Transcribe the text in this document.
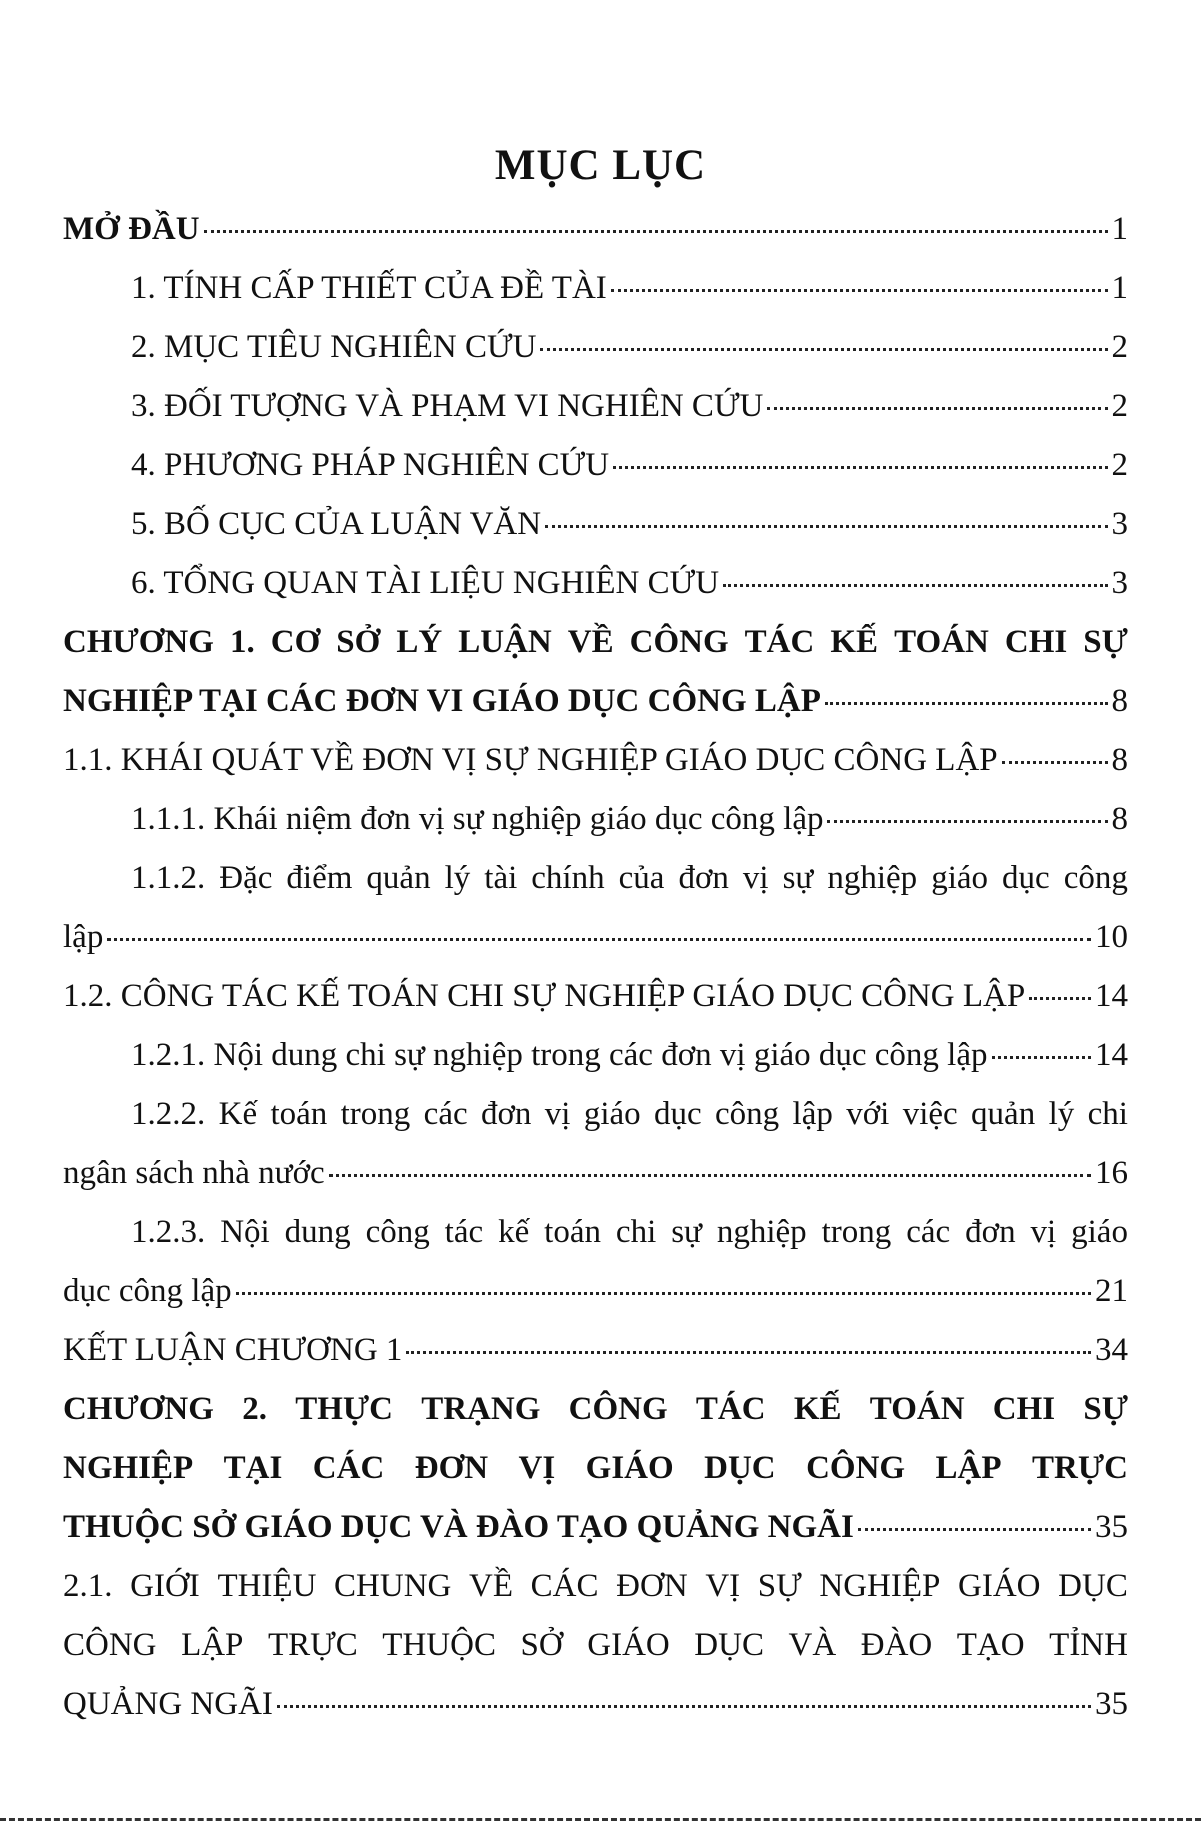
MỤC LỤC
MỞ ĐẦU	1
1. TÍNH CẤP THIẾT CỦA ĐỀ TÀI	1
2. MỤC TIÊU NGHIÊN CỨU	2
3. ĐỐI TƯỢNG VÀ PHẠM VI NGHIÊN CỨU	2
4. PHƯƠNG PHÁP NGHIÊN CỨU	2
5. BỐ CỤC CỦA LUẬN VĂN	3
6. TỔNG QUAN TÀI LIỆU NGHIÊN CỨU	3
CHƯƠNG 1. CƠ SỞ LÝ LUẬN VỀ CÔNG TÁC KẾ TOÁN CHI SỰ
NGHIỆP TẠI CÁC ĐƠN VI GIÁO DỤC CÔNG LẬP	8
1.1. KHÁI QUÁT VỀ ĐƠN VỊ SỰ NGHIỆP GIÁO DỤC CÔNG LẬP	8
1.1.1. Khái niệm đơn vị sự nghiệp giáo dục công lập	8
1.1.2. Đặc điểm quản lý tài chính của đơn vị sự nghiệp giáo dục công
lập	10
1.2. CÔNG TÁC KẾ TOÁN CHI SỰ NGHIỆP GIÁO DỤC CÔNG LẬP 14
1.2.1. Nội dung chi sự nghiệp trong các đơn vị giáo dục công lập	14
1.2.2. Kế toán trong các đơn vị giáo dục công lập với việc quản lý chi
ngân sách nhà nước	16
1.2.3. Nội dung công tác kế toán chi sự nghiệp trong các đơn vị giáo
dục công lập	21
KẾT LUẬN CHƯƠNG 1	34
CHƯƠNG 2. THỰC TRẠNG CÔNG TÁC KẾ TOÁN CHI SỰ
NGHIỆP TẠI CÁC ĐƠN VỊ GIÁO DỤC CÔNG LẬP TRỰC
THUỘC SỞ GIÁO DỤC VÀ ĐÀO TẠO QUẢNG NGÃI	35
2.1. GIỚI THIỆU CHUNG VỀ CÁC ĐƠN VỊ SỰ NGHIỆP GIÁO DỤC
CÔNG LẬP TRỰC THUỘC SỞ GIÁO DỤC VÀ ĐÀO TẠO TỈNH
QUẢNG NGÃI	35
